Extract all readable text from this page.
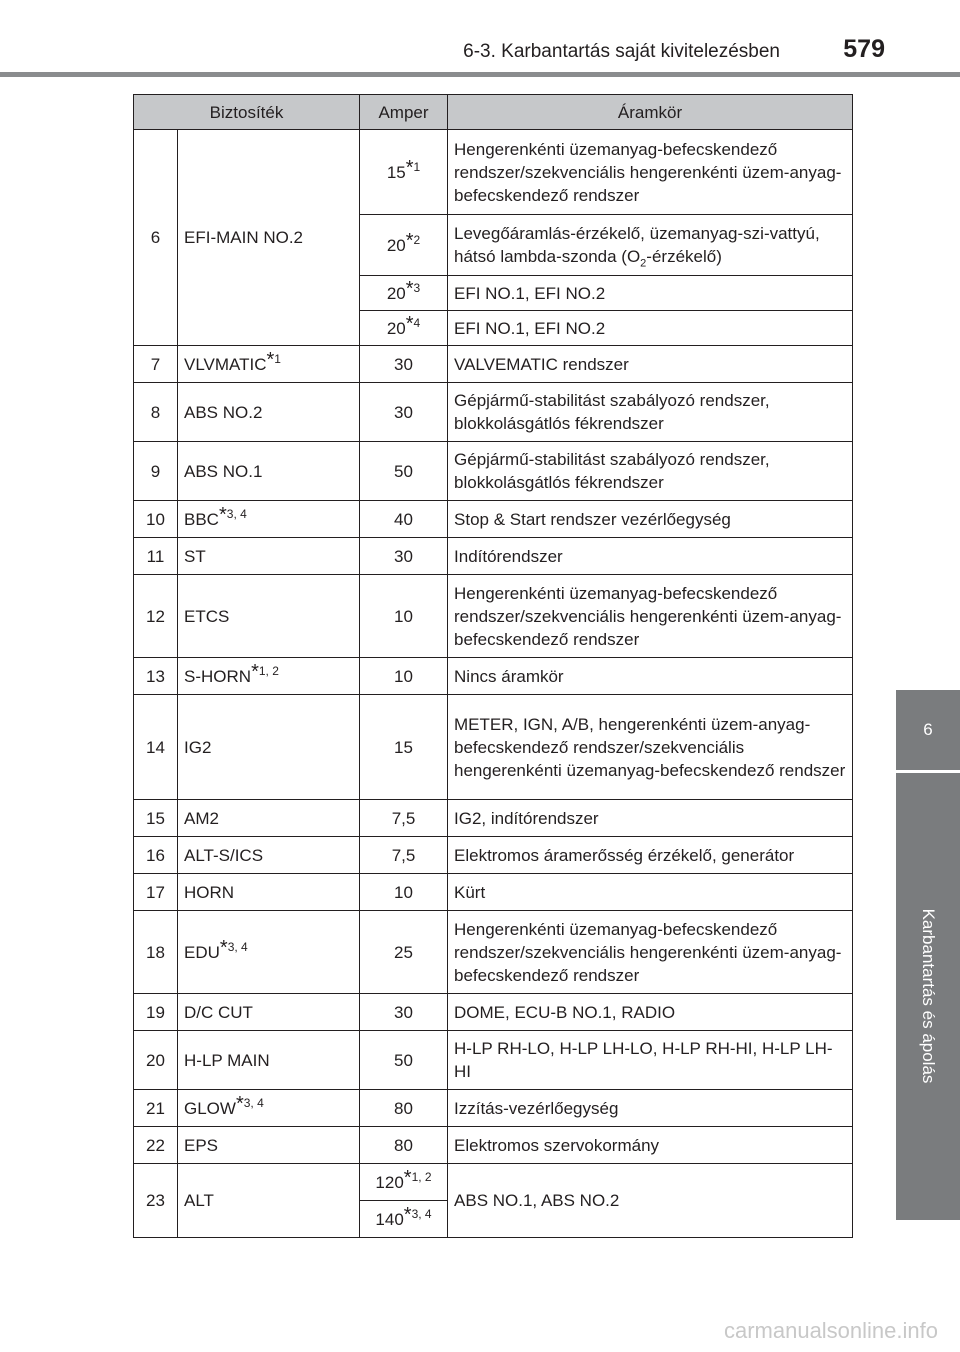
6-3. Karbantartás saját kivitelezésben	579
6
Karbantartás és ápolás
Biztosíték		Amper	Áramkör
6	EFI-MAIN NO.2	15$^{*1}$	Hengerenkénti üzemanyag-befecskendező rendszer/szekvenciális hengerenkénti üzem-anyag-befecskendező rendszer
		20$^{*2}$	Levegőáramlás-érzékelő, üzemanyag-szi-vattyú, hátsó lambda-szonda $(O_2-érzékelő)$
		20$^{*3}$	EFI NO.1, EFI NO.2
		20$^{*4}$	EFI NO.1, EFI NO.2
7	VLVMATIC$^{*1}$	30	VALVEMATIC rendszer
8	ABS NO.2	30	Gépjármű-stabilitást szabályozó rendszer, blokkolásgátlós fékrendszer
9	ABS NO.1	50	Gépjármű-stabilitást szabályozó rendszer, blokkolásgátlós fékrendszer
10	BBC$^{*3, 4}$	40	Stop & Start rendszer vezérlőegység
11	ST	30	Indítórendszer
12	ETCS	10	Hengerenkénti üzemanyag-befecskendező rendszer/szekvenciális hengerenkénti üzem-anyag-befecskendező rendszer
13	S-HORN$^{*1, 2}$	10	Nincs áramkör
14	IG2	15	METER, IGN, A/B, hengerenkénti üzem-anyag-befecskendező rendszer/szekvenciális hengerenkénti üzemanyag-befecskendező rendszer
15	AM2	7,5	IG2, indítórendszer
16	ALT-S/ICS	7,5	Elektromos áramerősség érzékelő, generátor
17	HORN	10	Kürt
18	EDU$^{*3, 4}$	25	Hengerenkénti üzemanyag-befecskendező rendszer/szekvenciális hengerenkénti üzem-anyag-befecskendező rendszer
19	D/C CUT	30	DOME, ECU-B NO.1, RADIO
20	H-LP MAIN	50	H-LP RH-LO, H-LP LH-LO, H-LP RH-HI, H-LP LH-HI
21	GLOW$^{*3, 4}$	80	Izzítás-vezérlőegység
22	EPS	80	Elektromos szervokormány
23	ALT	120$^{*1, 2}$	ABS NO.1, ABS NO.2
		140$^{*3, 4}$
carmanualsonline.info
